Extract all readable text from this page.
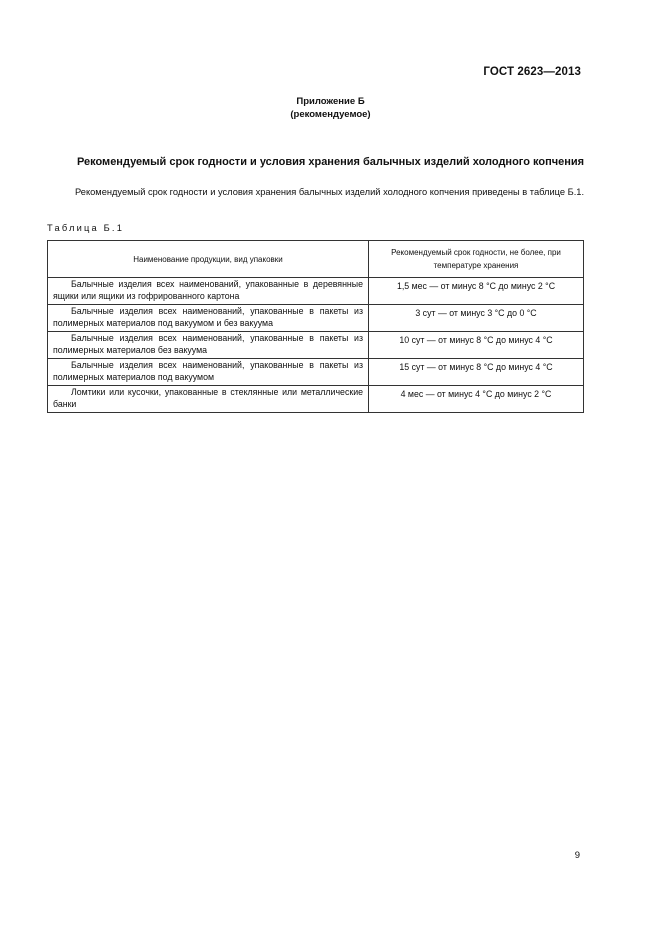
ГОСТ 2623—2013
Приложение Б
(рекомендуемое)
Рекомендуемый срок годности и условия хранения балычных изделий холодного копчения
Рекомендуемый срок годности и условия хранения балычных изделий холодного копчения приведены в таблице Б.1.
Таблица Б.1
Наименование продукции, вид упаковки	Рекомендуемый срок годности, не более, при температуре хранения
Балычные изделия всех наименований, упакованные в деревянные ящики или ящики из гофрированного картона	1,5 мес — от минус 8 °С до минус 2 °С
Балычные изделия всех наименований, упакованные в пакеты из полимерных материалов под вакуумом и без вакуума	3 сут — от минус 3 °С до 0 °С
Балычные изделия всех наименований, упакованные в пакеты из полимерных материалов без вакуума	10 сут — от минус 8 °С до минус 4 °С
Балычные изделия всех наименований, упакованные в пакеты из полимерных материалов под вакуумом	15 сут — от минус 8 °С до минус 4 °С
Ломтики или кусочки, упакованные в стеклянные или металлические банки	4 мес — от минус 4 °С до минус 2 °С
9
